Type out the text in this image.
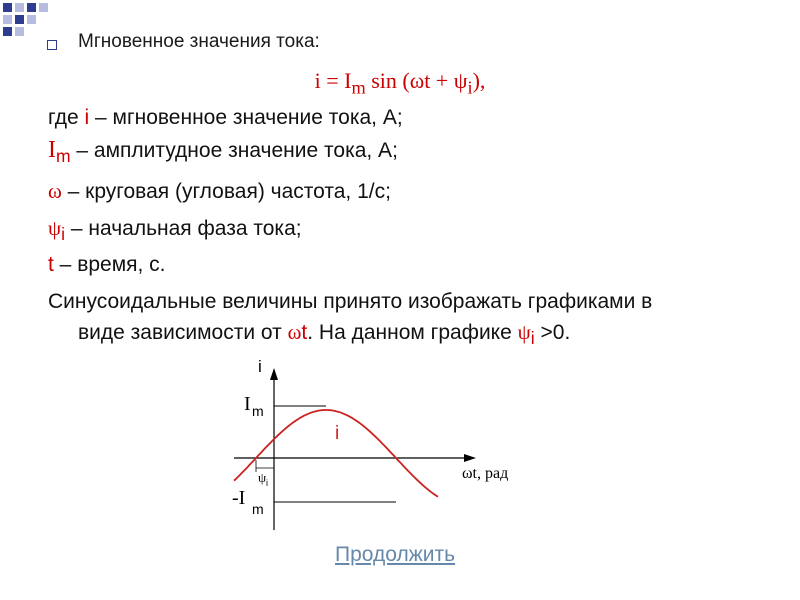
Мгновенное значения тока:
$i = I_m$ $\sin (\omega t + \psi_i)$,
где i – мгновенное значение тока, А;
$I_m$ – амплитудное значение тока, А;
ω – круговая (угловая) частота, 1/с;
$\psi_i$ – начальная фаза тока;
t – время, с.
Синусоидальные величины принято изображать графиками в
виде зависимости от ωt. На данном графике $\psi_i >0$.
i
I m
-I m
ψ i
i
ωt, рад
Продолжить
